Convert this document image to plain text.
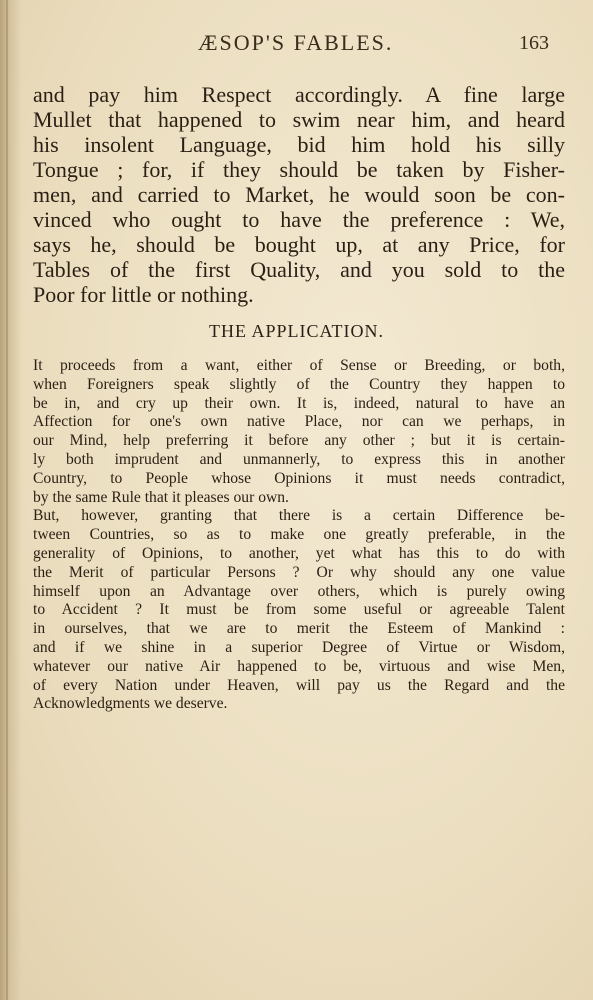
ÆSOP'S FABLES.	163
and pay him Respect accordingly. A fine large
Mullet that happened to swim near him, and heard
his insolent Language, bid him hold his silly
Tongue ; for, if they should be taken by Fisher-
men, and carried to Market, he would soon be con-
vinced who ought to have the preference : We,
says he, should be bought up, at any Price, for
Tables of the first Quality, and you sold to the
Poor for little or nothing.
THE APPLICATION.
It proceeds from a want, either of Sense or Breeding, or both,
when Foreigners speak slightly of the Country they happen to
be in, and cry up their own. It is, indeed, natural to have an
Affection for one's own native Place, nor can we perhaps, in
our Mind, help preferring it before any other ; but it is certain-
ly both imprudent and unmannerly, to express this in another
Country, to People whose Opinions it must needs contradict,
by the same Rule that it pleases our own.
But, however, granting that there is a certain Difference be-
tween Countries, so as to make one greatly preferable, in the
generality of Opinions, to another, yet what has this to do with
the Merit of particular Persons ? Or why should any one value
himself upon an Advantage over others, which is purely owing
to Accident ? It must be from some useful or agreeable Talent
in ourselves, that we are to merit the Esteem of Mankind :
and if we shine in a superior Degree of Virtue or Wisdom,
whatever our native Air happened to be, virtuous and wise Men,
of every Nation under Heaven, will pay us the Regard and the
Acknowledgments we deserve.
